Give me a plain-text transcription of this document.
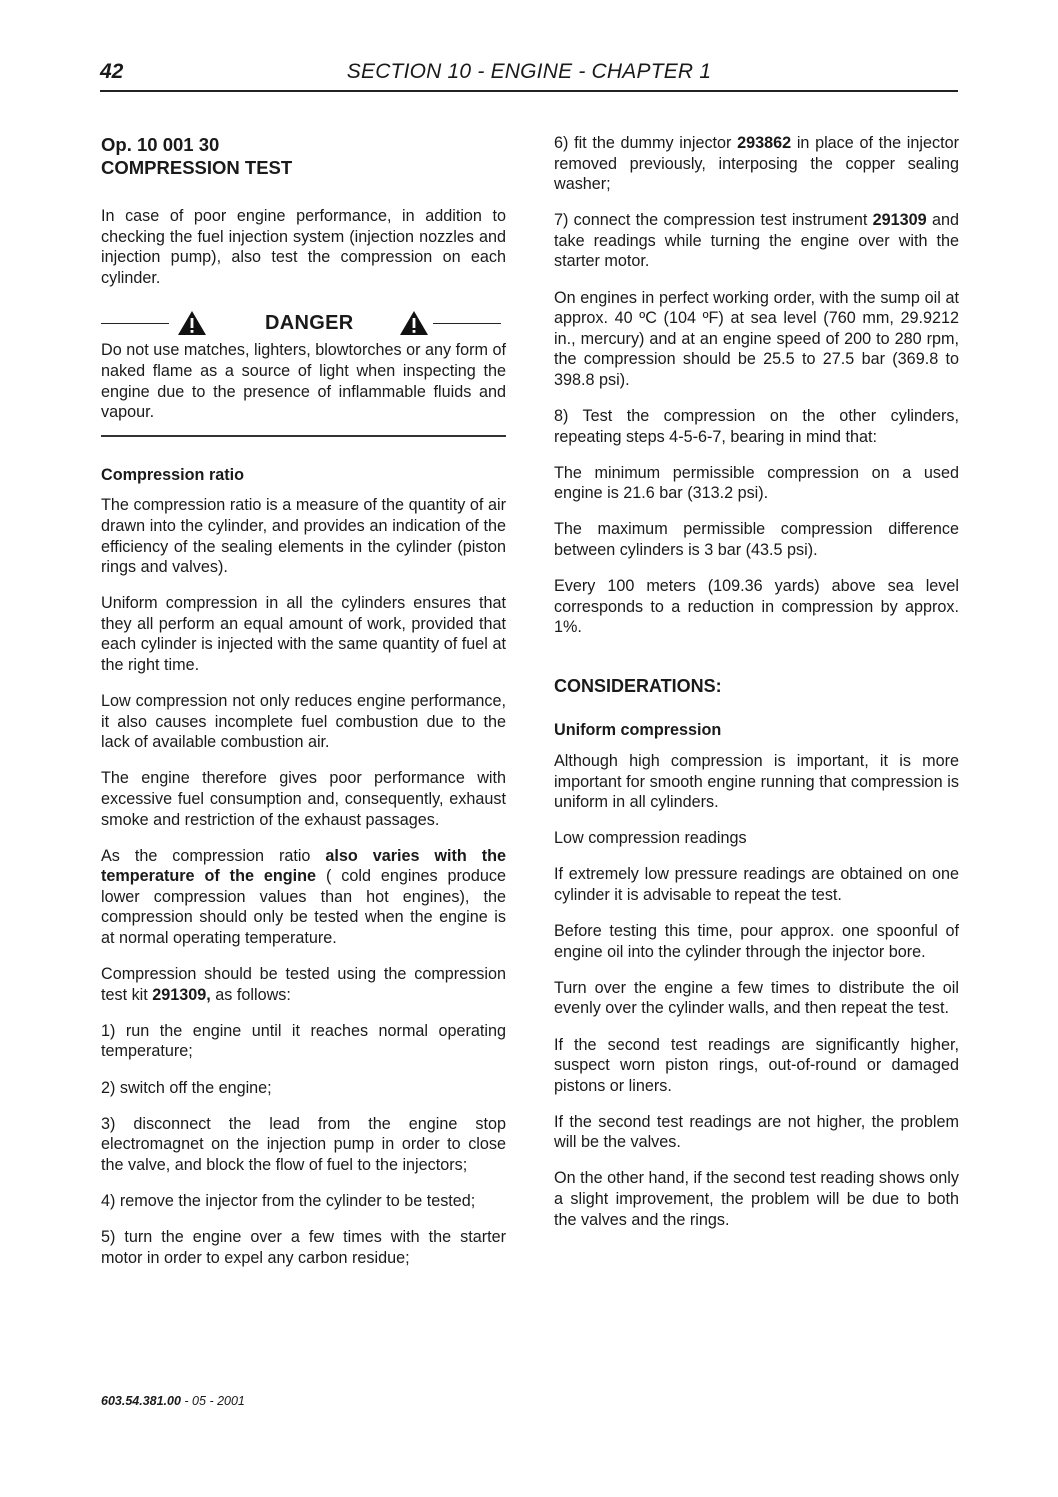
42	SECTION 10 - ENGINE - CHAPTER 1
Op. 10 001 30
COMPRESSION TEST

In case of poor engine performance, in addition to checking the fuel injection system (injection nozzles and injection pump), also test the compression on each cylinder.

DANGER

Do not use matches, lighters, blowtorches or any form of naked flame as a source of light when inspecting the engine due to the presence of inflammable fluids and vapour.

Compression ratio

The compression ratio is a measure of the quantity of air drawn into the cylinder, and provides an indication of the efficiency of the sealing elements in the cylinder (piston rings and valves).

Uniform compression in all the cylinders ensures that they all perform an equal amount of work, provided that each cylinder is injected with the same quantity of fuel at the right time.

Low compression not only reduces engine performance, it also causes incomplete fuel combustion due to the lack of available combustion air.

The engine therefore gives poor performance with excessive fuel consumption and, consequently, exhaust smoke and restriction of the exhaust passages.

As the compression ratio also varies with the temperature of the engine ( cold engines produce lower compression values than hot engines), the compression should only be tested when the engine is at normal operating temperature.

Compression should be tested using the compression test kit 291309, as follows:

1) run the engine until it reaches normal operating temperature;

2) switch off the engine;

3) disconnect the lead from the engine stop electromagnet on the injection pump in order to close the valve, and block the flow of fuel to the injectors;

4) remove the injector from the cylinder to be tested;

5) turn the engine over a few times with the starter motor in order to expel any carbon residue;

6) fit the dummy injector 293862 in place of the injector removed previously, interposing the copper sealing washer;

7) connect the compression test instrument 291309 and take readings while turning the engine over with the starter motor.

On engines in perfect working order, with the sump oil at approx. 40 ºC (104 ºF) at sea level (760 mm, 29.9212 in., mercury) and at an engine speed of 200 to 280 rpm, the compression should be 25.5 to 27.5 bar (369.8 to 398.8 psi).

8) Test the compression on the other cylinders, repeating steps 4-5-6-7, bearing in mind that:

The minimum permissible compression on a used engine is 21.6 bar (313.2 psi).

The maximum permissible compression difference between cylinders is 3 bar (43.5 psi).

Every 100 meters (109.36 yards) above sea level corresponds to a reduction in compression by approx. 1%.

CONSIDERATIONS:
Uniform compression

Although high compression is important, it is more important for smooth engine running that compression is uniform in all cylinders.

Low compression readings

If extremely low pressure readings are obtained on one cylinder it is advisable to repeat the test.

Before testing this time, pour approx. one spoonful of engine oil into the cylinder through the injector bore.

Turn over the engine a few times to distribute the oil evenly over the cylinder walls, and then repeat the test.

If the second test readings are significantly higher, suspect worn piston rings, out-of-round or damaged pistons or liners.

If the second test readings are not higher, the problem will be the valves.

On the other hand, if the second test reading shows only a slight improvement, the problem will be due to both the valves and the rings.

603.54.381.00 - 05 - 2001
